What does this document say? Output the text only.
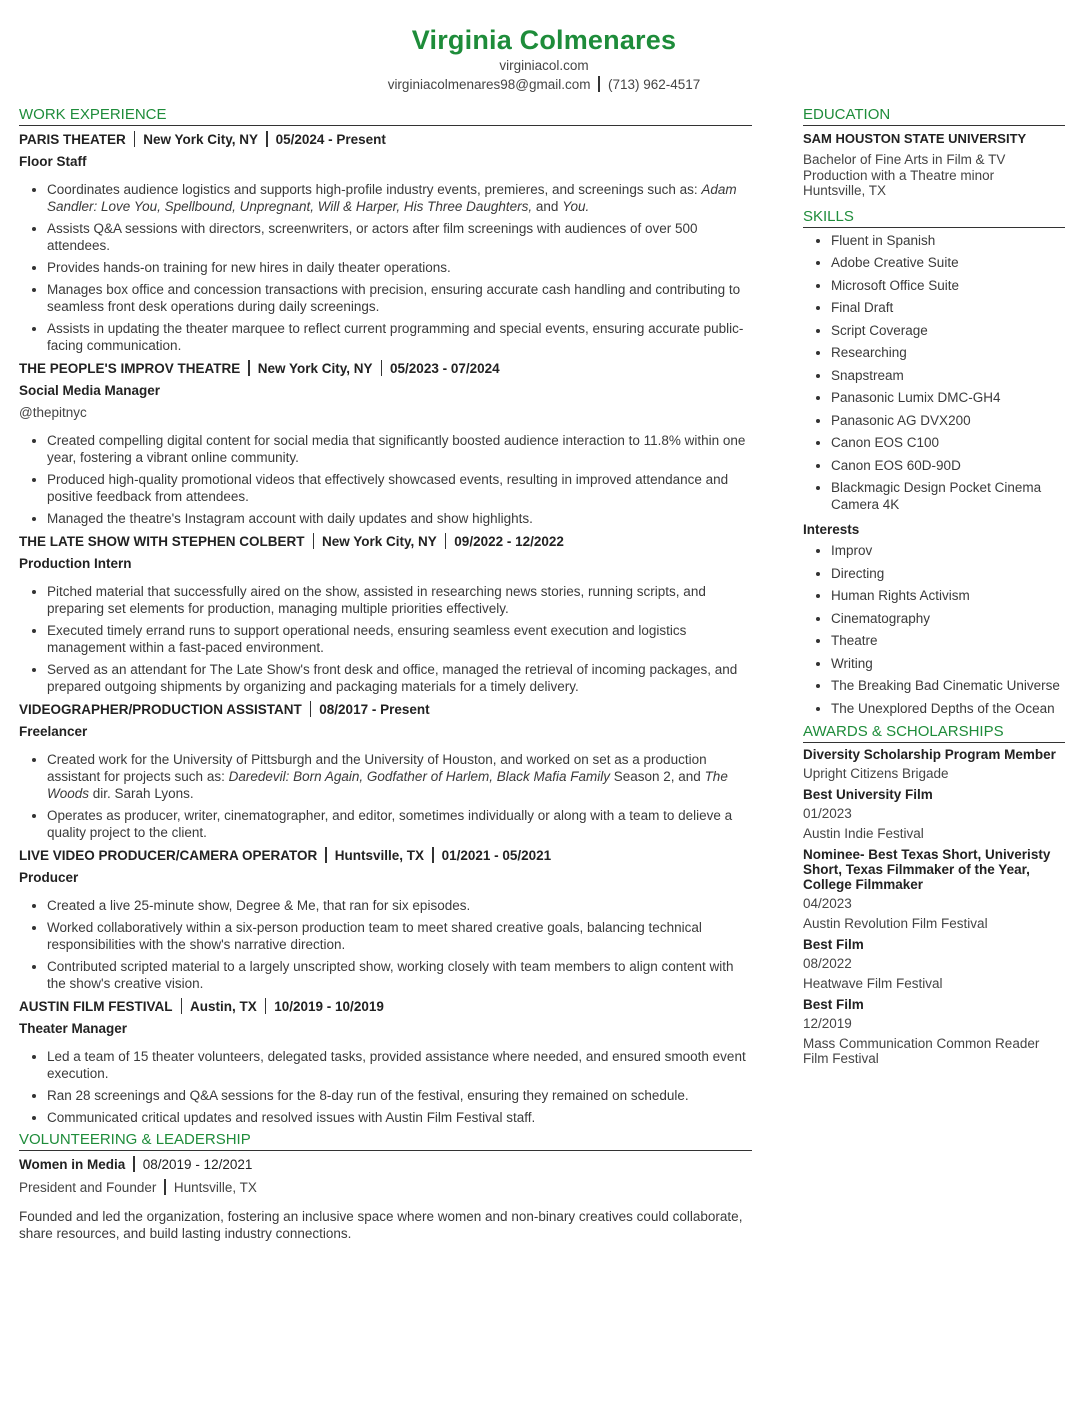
Virginia Colmenares
virginiacol.com
virginiacolmenares98@gmail.com (713) 962-4517
WORK EXPERIENCE
PARIS THEATER New York City, NY 05/2024 - Present
Floor Staff
• Coordinates audience logistics and supports high-profile industry events, premieres, and screenings such as: Adam Sandler: Love You, Spellbound, Unpregnant, Will & Harper, His Three Daughters, and You.
• Assists Q&A sessions with directors, screenwriters, or actors after film screenings with audiences of over 500 attendees.
• Provides hands-on training for new hires in daily theater operations.
• Manages box office and concession transactions with precision, ensuring accurate cash handling and contributing to seamless front desk operations during daily screenings.
• Assists in updating the theater marquee to reflect current programming and special events, ensuring accurate public-facing communication.
THE PEOPLE'S IMPROV THEATRE New York City, NY 05/2023 - 07/2024
Social Media Manager
@thepitnyc
• Created compelling digital content for social media that significantly boosted audience interaction to 11.8% within one year, fostering a vibrant online community.
• Produced high-quality promotional videos that effectively showcased events, resulting in improved attendance and positive feedback from attendees.
• Managed the theatre's Instagram account with daily updates and show highlights.
THE LATE SHOW WITH STEPHEN COLBERT New York City, NY 09/2022 - 12/2022
Production Intern
• Pitched material that successfully aired on the show, assisted in researching news stories, running scripts, and preparing set elements for production, managing multiple priorities effectively.
• Executed timely errand runs to support operational needs, ensuring seamless event execution and logistics management within a fast-paced environment.
• Served as an attendant for The Late Show's front desk and office, managed the retrieval of incoming packages, and prepared outgoing shipments by organizing and packaging materials for a timely delivery.
VIDEOGRAPHER/PRODUCTION ASSISTANT 08/2017 - Present
Freelancer
• Created work for the University of Pittsburgh and the University of Houston, and worked on set as a production assistant for projects such as: Daredevil: Born Again, Godfather of Harlem, Black Mafia Family Season 2, and The Woods dir. Sarah Lyons.
• Operates as producer, writer, cinematographer, and editor, sometimes individually or along with a team to delieve a quality project to the client.
LIVE VIDEO PRODUCER/CAMERA OPERATOR Huntsville, TX 01/2021 - 05/2021
Producer
• Created a live 25-minute show, Degree & Me, that ran for six episodes.
• Worked collaboratively within a six-person production team to meet shared creative goals, balancing technical responsibilities with the show's narrative direction.
• Contributed scripted material to a largely unscripted show, working closely with team members to align content with the show's creative vision.
AUSTIN FILM FESTIVAL Austin, TX 10/2019 - 10/2019
Theater Manager
• Led a team of 15 theater volunteers, delegated tasks, provided assistance where needed, and ensured smooth event execution.
• Ran 28 screenings and Q&A sessions for the 8-day run of the festival, ensuring they remained on schedule.
• Communicated critical updates and resolved issues with Austin Film Festival staff.
VOLUNTEERING & LEADERSHIP
Women in Media 08/2019 - 12/2021
President and Founder Huntsville, TX
Founded and led the organization, fostering an inclusive space where women and non-binary creatives could collaborate, share resources, and build lasting industry connections.
EDUCATION
SAM HOUSTON STATE UNIVERSITY
Bachelor of Fine Arts in Film & TV
Production with a Theatre minor
Huntsville, TX
SKILLS
• Fluent in Spanish
• Adobe Creative Suite
• Microsoft Office Suite
• Final Draft
• Script Coverage
• Researching
• Snapstream
• Panasonic Lumix DMC-GH4
• Panasonic AG DVX200
• Canon EOS C100
• Canon EOS 60D-90D
• Blackmagic Design Pocket Cinema Camera 4K
Interests
• Improv
• Directing
• Human Rights Activism
• Cinematography
• Theatre
• Writing
• The Breaking Bad Cinematic Universe
• The Unexplored Depths of the Ocean
AWARDS & SCHOLARSHIPS
Diversity Scholarship Program Member
Upright Citizens Brigade
Best University Film
01/2023
Austin Indie Festival
Nominee- Best Texas Short, Univeristy Short, Texas Filmmaker of the Year, College Filmmaker
04/2023
Austin Revolution Film Festival
Best Film
08/2022
Heatwave Film Festival
Best Film
12/2019
Mass Communication Common Reader Film Festival
